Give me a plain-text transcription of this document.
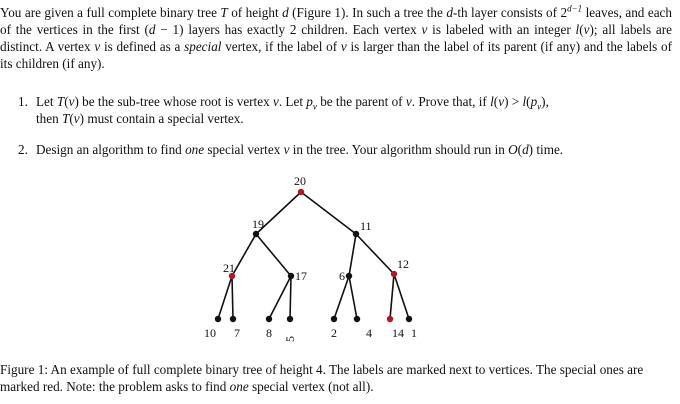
You are given a full complete binary tree T of height d (Figure 1). In such a tree the d-th layer consists of $2^{d-1}$ leaves, and each of the vertices in the first (d − 1) layers has exactly 2 children. Each vertex v is labeled with an integer l(v); all labels are distinct. A vertex v is defined as a special vertex, if the label of v is larger than the label of its parent (if any) and the labels of its children (if any).
1. Let T(v) be the sub-tree whose root is vertex v. Let $p_v$ be the parent of v. Prove that, if $l(v) > l(p_v)$,
then T(v) must contain a special vertex.
2. Design an algorithm to find one special vertex v in the tree. Your algorithm should run in O(d) time.
20
19	11
21
17	6
12
10 7 8 5	2 4 14 1
Figure 1: An example of full complete binary tree of height 4. The labels are marked next to vertices. The special ones are marked red. Note: the problem asks to find one special vertex (not all).
